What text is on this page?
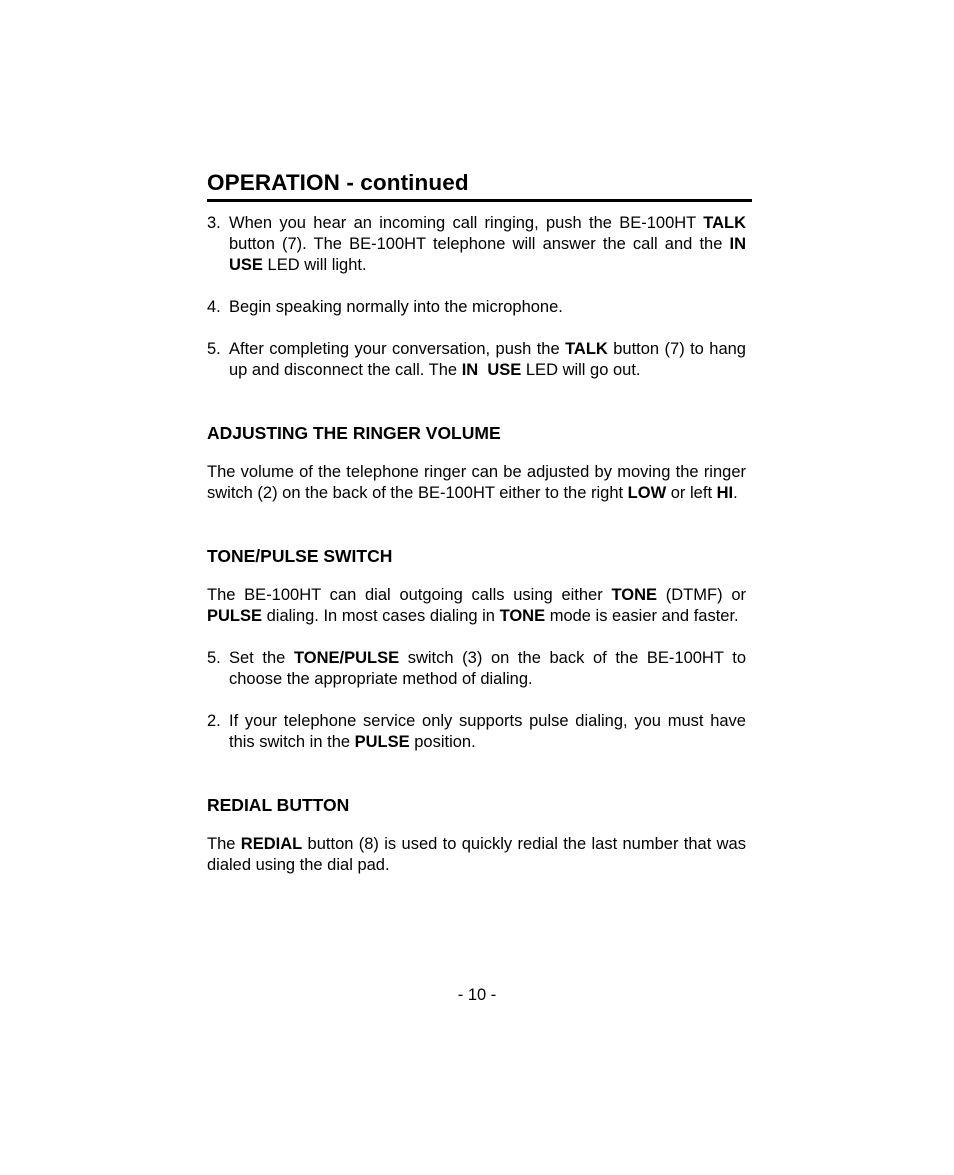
OPERATION - continued
3. When you hear an incoming call ringing, push the BE-100HT TALK button (7). The BE-100HT telephone will answer the call and the IN USE LED will light.
4. Begin speaking normally into the microphone.
5. After completing your conversation, push the TALK button (7) to hang up and disconnect the call. The IN  USE LED will go out.
ADJUSTING THE RINGER VOLUME

The volume of the telephone ringer can be adjusted by moving the ringer switch (2) on the back of the BE-100HT either to the right LOW or left HI.

TONE/PULSE SWITCH

The BE-100HT can dial outgoing calls using either TONE (DTMF) or PULSE dialing. In most cases dialing in TONE mode is easier and faster.

5. Set the TONE/PULSE switch (3) on the back of the BE-100HT to choose the appropriate method of dialing.
2. If your telephone service only supports pulse dialing, you must have this switch in the PULSE position.
REDIAL BUTTON

The REDIAL button (8) is used to quickly redial the last number that was dialed using the dial pad.

- 10 -
